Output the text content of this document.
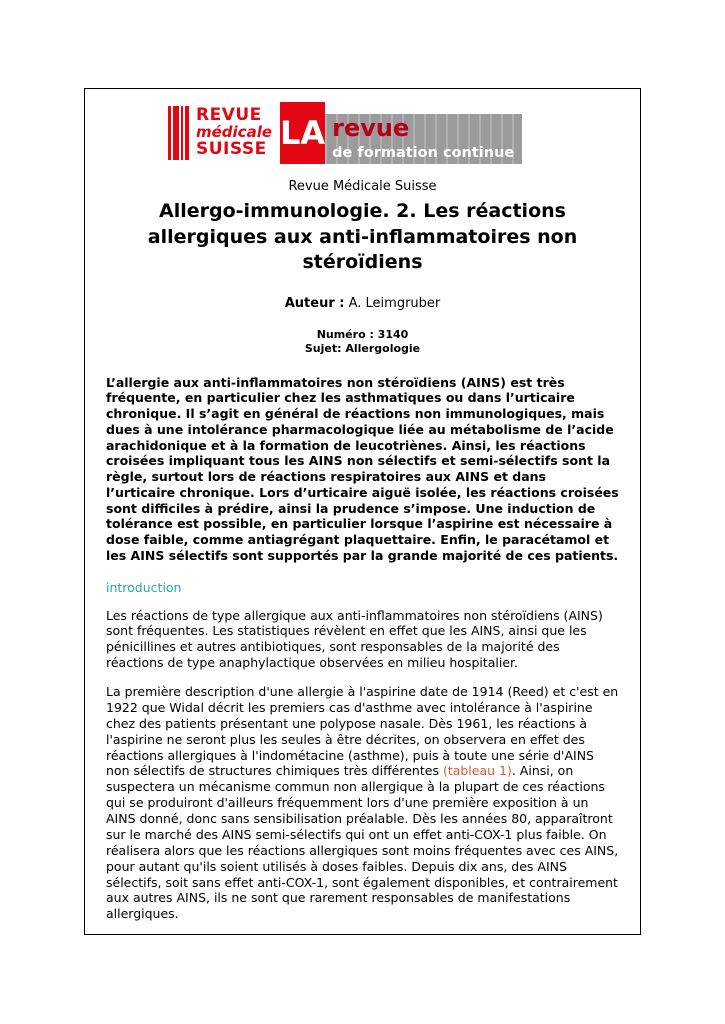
REVUE
médicale
SUISSE LA revue
de formation continue
Revue Médicale Suisse
Allergo-immunologie. 2. Les réactions allergiques aux anti-inflammatoires non stéroïdiens
Auteur : A. Leimgruber
Numéro : 3140
Sujet: Allergologie

L’allergie aux anti-inflammatoires non stéroïdiens (AINS) est très fréquente, en particulier chez les asthmatiques ou dans l’urticaire chronique. Il s’agit en général de réactions non immunologiques, mais dues à une intolérance pharmacologique liée au métabolisme de l’acide arachidonique et à la formation de leucotriènes. Ainsi, les réactions croisées impliquant tous les AINS non sélectifs et semi-sélectifs sont la règle, surtout lors de réactions respiratoires aux AINS et dans l’urticaire chronique. Lors d’urticaire aiguë isolée, les réactions croisées sont difficiles à prédire, ainsi la prudence s’impose. Une induction de tolérance est possible, en particulier lorsque l’aspirine est nécessaire à dose faible, comme antiagrégant plaquettaire. Enfin, le paracétamol et les AINS sélectifs sont supportés par la grande majorité de ces patients.

introduction

Les réactions de type allergique aux anti-inflammatoires non stéroïdiens (AINS) sont fréquentes. Les statistiques révèlent en effet que les AINS, ainsi que les pénicillines et autres antibiotiques, sont responsables de la majorité des réactions de type anaphylactique observées en milieu hospitalier.

La première description d'une allergie à l'aspirine date de 1914 (Reed) et c'est en 1922 que Widal décrit les premiers cas d'asthme avec intolérance à l'aspirine chez des patients présentant une polypose nasale. Dès 1961, les réactions à l'aspirine ne seront plus les seules à être décrites, on observera en effet des réactions allergiques à l'indométacine (asthme), puis à toute une série d'AINS non sélectifs de structures chimiques très différentes (tableau 1). Ainsi, on suspectera un mécanisme commun non allergique à la plupart de ces réactions qui se produiront d'ailleurs fréquemment lors d'une première exposition à un AINS donné, donc sans sensibilisation préalable. Dès les années 80, apparaîtront sur le marché des AINS semi-sélectifs qui ont un effet anti-COX-1 plus faible. On réalisera alors que les réactions allergiques sont moins fréquentes avec ces AINS, pour autant qu'ils soient utilisés à doses faibles. Depuis dix ans, des AINS sélectifs, soit sans effet anti-COX-1, sont également disponibles, et contrairement aux autres AINS, ils ne sont que rarement responsables de manifestations allergiques.
